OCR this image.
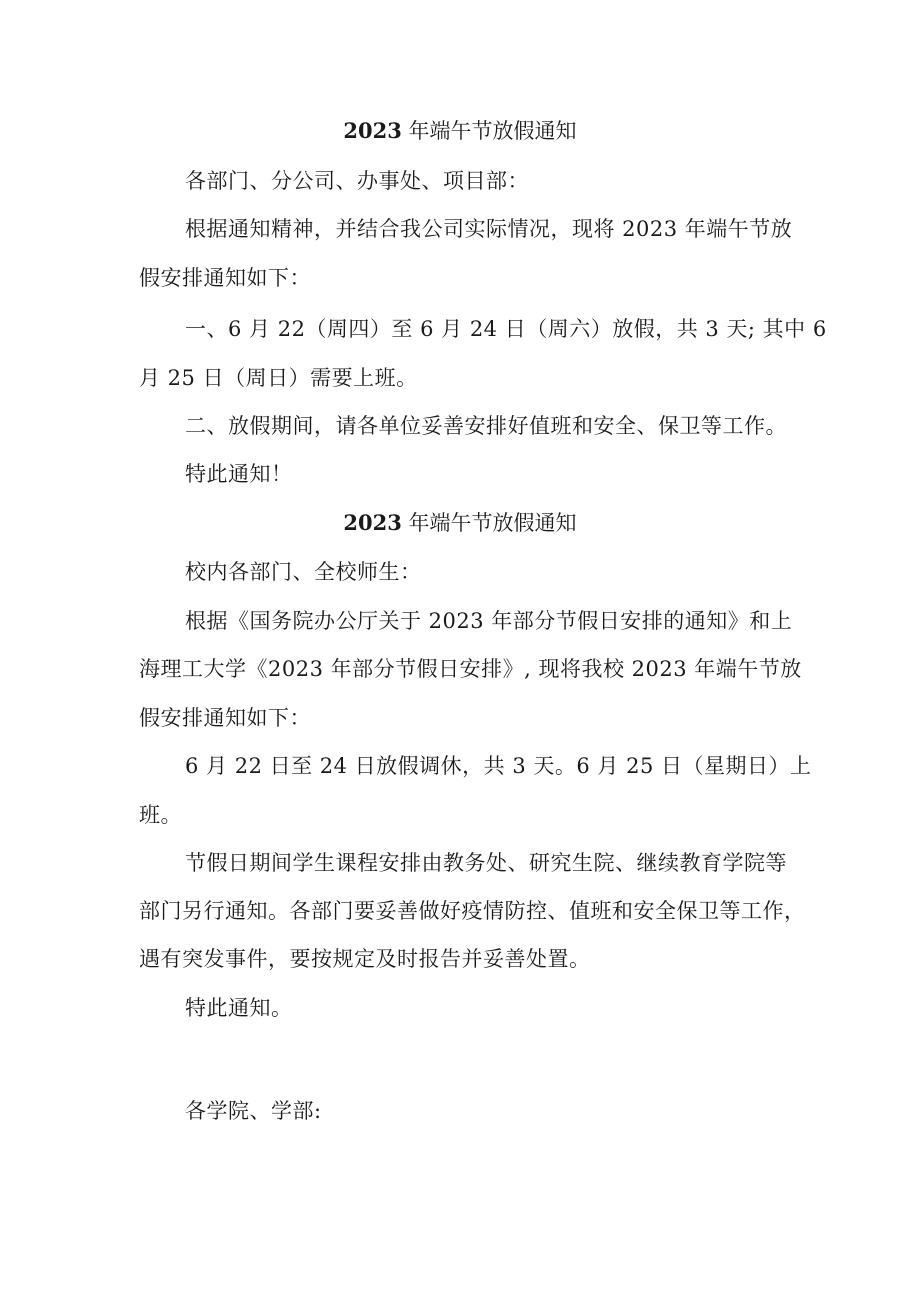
2023 年端午节放假通知
各部门、分公司、办事处、项目部：
根据通知精神，并结合我公司实际情况，现将 2023 年端午节放
假安排通知如下：
一、6 月 22（周四）至 6 月 24 日（周六）放假，共 3 天; 其中 6
月 25 日（周日）需要上班。
二、放假期间，请各单位妥善安排好值班和安全、保卫等工作。
特此通知！
2023 年端午节放假通知
校内各部门、全校师生：
根据《国务院办公厅关于 2023 年部分节假日安排的通知》和上
海理工大学《2023 年部分节假日安排》, 现将我校 2023 年端午节放
假安排通知如下：
6 月 22 日至 24 日放假调休，共 3 天。6 月 25 日（星期日）上
班。
节假日期间学生课程安排由教务处、研究生院、继续教育学院等
部门另行通知。各部门要妥善做好疫情防控、值班和安全保卫等工作，
遇有突发事件，要按规定及时报告并妥善处置。
特此通知。
各学院、学部:
